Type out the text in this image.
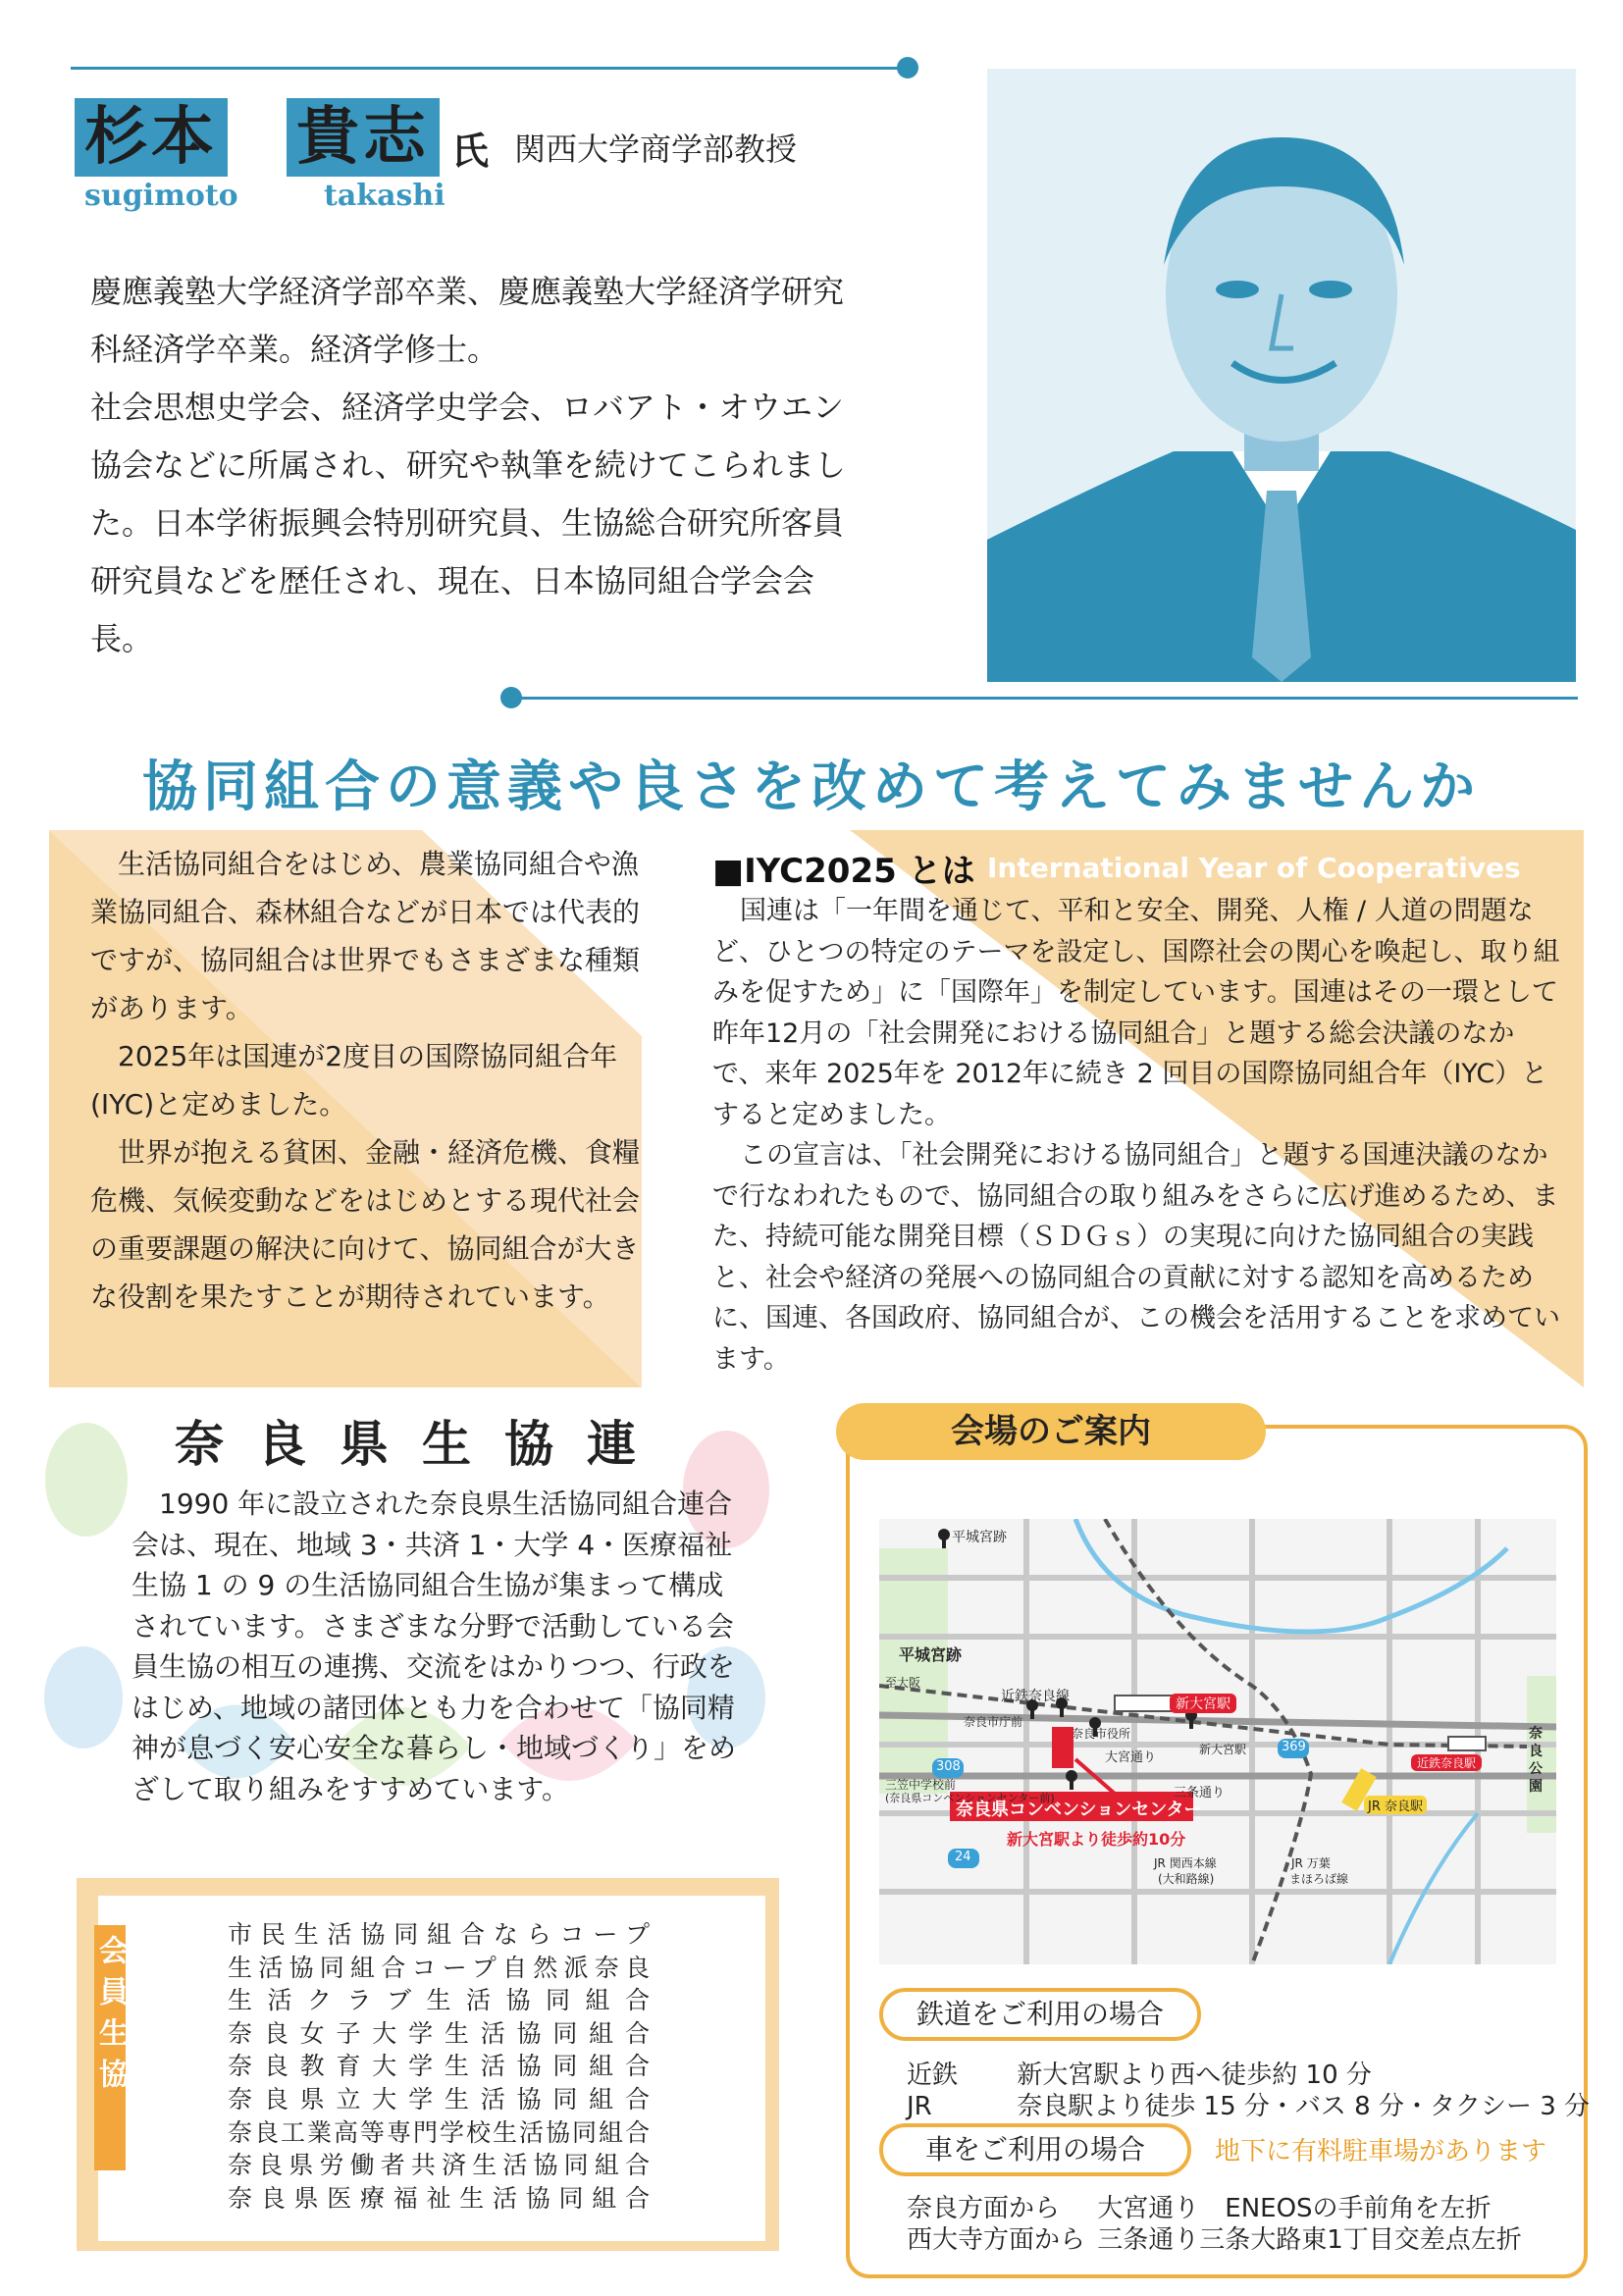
杉本 貴志 氏 関西大学商学部教授
sugimoto	takashi

慶應義塾大学経済学部卒業、慶應義塾大学経済学研究科経済学卒業。経済学修士。

社会思想史学会、経済学史学会、ロバアト・オウエン協会などに所属され、研究や執筆を続けてこられました。日本学術振興会特別研究員、生協総合研究所客員研究員などを歴任され、現在、日本協同組合学会会長。

協同組合の意義や良さを改めて考えてみませんか

生活協同組合をはじめ、農業協同組合や漁業協同組合、森林組合などが日本では代表的ですが、協同組合は世界でもさまざまな種類があります。

2025年は国連が2度目の国際協同組合年(IYC)と定めました。

世界が抱える貧困、金融・経済危機、食糧危機、気候変動などをはじめとする現代社会の重要課題の解決に向けて、協同組合が大きな役割を果たすことが期待されています。

■IYC2025 とは International Year of Cooperatives

国連は「一年間を通じて、平和と安全、開発、人権 / 人道の問題など、ひとつの特定のテーマを設定し、国際社会の関心を喚起し、取り組みを促すため」に「国際年」を制定しています。国連はその一環として昨年12月の「社会開発における協同組合」と題する総会決議のなかで、来年 2025年を 2012年に続き 2 回目の国際協同組合年（IYC）とすると定めました。

この宣言は、「社会開発における協同組合」と題する国連決議のなかで行なわれたもので、協同組合の取り組みをさらに広げ進めるため、また、持続可能な開発目標（ＳＤＧｓ）の実現に向けた協同組合の実践と、社会や経済の発展への協同組合の貢献に対する認知を高めるために、国連、各国政府、協同組合が、この機会を活用することを求めています。

奈良県生協連

1990 年に設立された奈良県生活協同組合連合会は、現在、地域 3・共済 1・大学 4・医療福祉生協 1 の 9 の生活協同組合生協が集まって構成されています。さまざまな分野で活動している会員生協の相互の連携、交流をはかりつつ、行政をはじめ、地域の諸団体とも力を合わせて「協同精神が息づく安心安全な暮らし・地域づくり」をめざして取り組みをすすめています。

会員生協
市民生活協同組合ならコープ
生活協同組合コープ自然派奈良
生活クラブ生活協同組合
奈良女子大学生活協同組合
奈良教育大学生活協同組合
奈良県立大学生活協同組合
奈良工業高等専門学校生活協同組合
奈良県労働者共済生活協同組合
奈良県医療福祉生活協同組合
会場のご案内
平城宮跡
平城宮跡
至大阪
近鉄奈良線	新大宮駅
奈良市庁前
奈良市役所
大宮通り
新大宮駅	369
近鉄奈良駅
奈良公園
308
三笠中学校前
(奈良県コンベンションセンター前)	三条通り
奈良県コンベンションセンター
新大宮駅より徒歩約10分
JR 奈良駅
24	JR 関西本線
(大和路線)
JR 万葉
まほろば線
鉄道をご利用の場合
近鉄 新大宮駅より西へ徒歩約 10 分
JR	奈良駅より徒歩 15 分・バス 8 分・タクシー 3 分
車をご利用の場合	地下に有料駐車場があります
奈良方面から 大宮通り　ENEOSの手前角を左折
西大寺方面から 三条通り三条大路東1丁目交差点左折
